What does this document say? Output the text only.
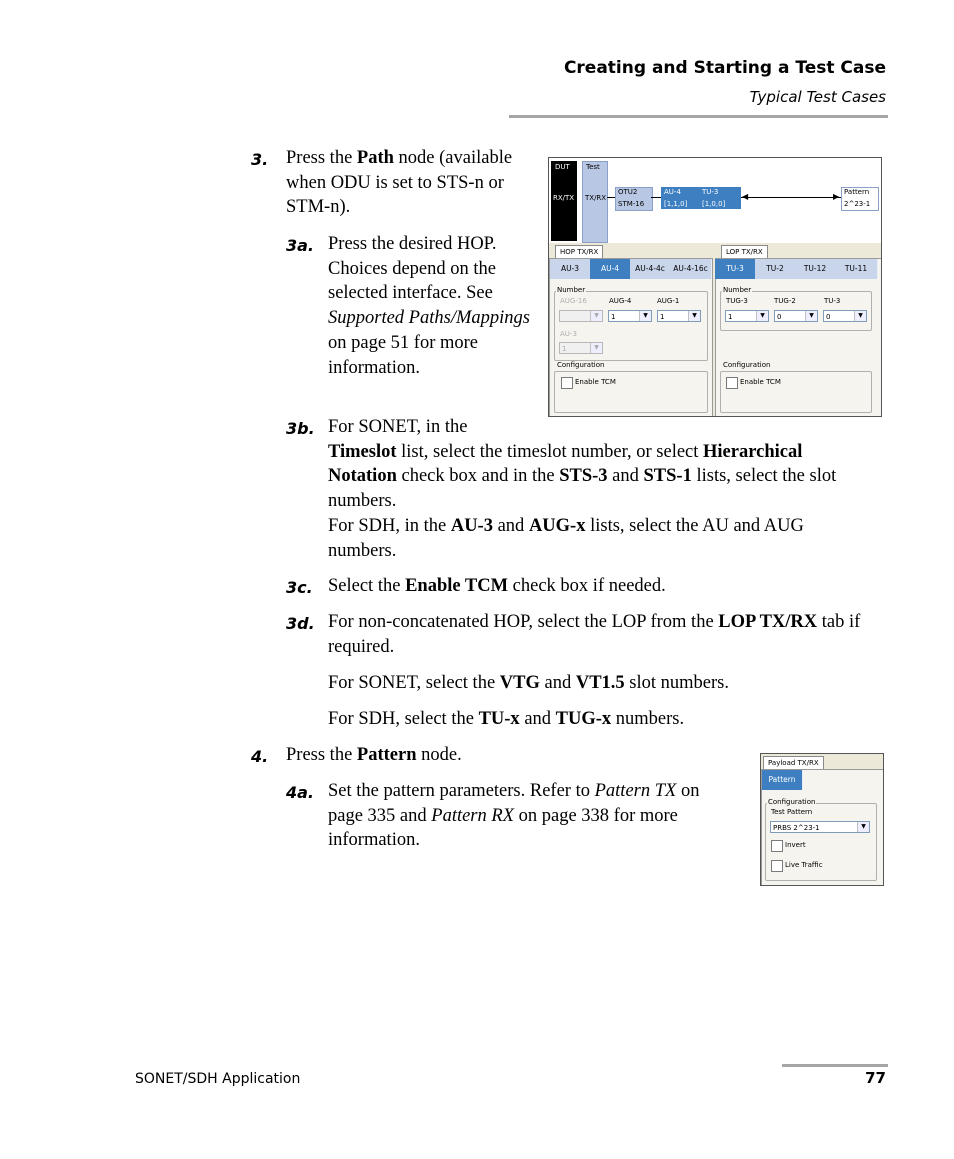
Creating and Starting a Test Case
Typical Test Cases
3. Press the Path node (available when ODU is set to STS-n or STM-n).
3a. Press the desired HOP. Choices depend on the selected interface. See Supported Paths/Mappings on page 51 for more information.
3b. For SONET, in the
Timeslot list, select the timeslot number, or select Hierarchical Notation check box and in the STS-3 and STS-1 lists, select the slot numbers.
For SDH, in the AU-3 and AUG-x lists, select the AU and AUG numbers.
3c. Select the Enable TCM check box if needed.
3d. For non-concatenated HOP, select the LOP from the LOP TX/RX tab if required.
For SONET, select the VTG and VT1.5 slot numbers.
For SDH, select the TU-x and TUG-x numbers.
4. Press the Pattern node.
4a. Set the pattern parameters. Refer to Pattern TX on page 335 and Pattern RX on page 338 for more information.
DUT
RX/TX
Test
TX/RX
OTU2
STM-16
AU-4
[1,1,0]
TU-3
[1,0,0]
◀	▶ Pattern
2^23-1
HOP TX/RX
AU-3	AU-4	AU-4-4c	AU-4-16c
Number
AUG-16	AUG-4	AUG-1
▼	1	▼	1	▼
AU-3
1	▼
Configuration
Enable TCM
LOP TX/RX
TU-3	TU-2	TU-12	TU-11
Number
TUG-3	TUG-2	TU-3
1	▼	0	▼	0	▼
Configuration
Enable TCM
Payload TX/RX
Pattern
Configuration
Test Pattern
PRBS 2^23-1	▼
Invert
Live Traffic
SONET/SDH Application	77
